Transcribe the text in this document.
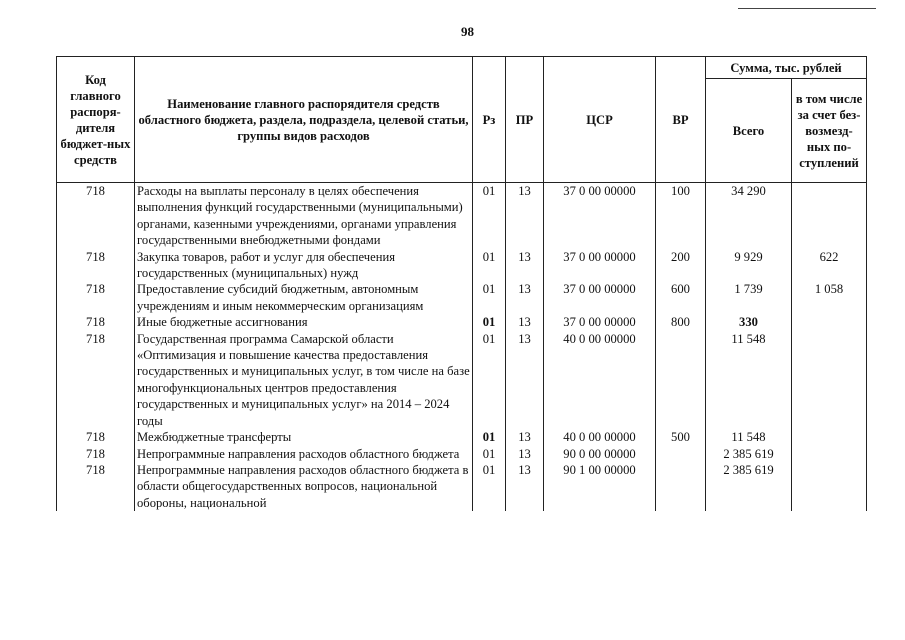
98
Код главного распоря-дителя бюджет-ных средств	Наименование главного распорядителя средств областного бюджета, раздела, подраздела, целевой статьи, группы видов расходов	Рз	ПР	ЦСР	ВР	Сумма, тыс. рублей	
						Всего	в том числе за счет без-возмезд-ных по-ступлений
718	Расходы на выплаты персоналу в целях обеспечения выполнения функций государственными (муниципальными) органами, казенными учреждениями, органами управления государственными внебюджетными фондами	01	13	37 0 00 00000	100	34 290	
718	Закупка товаров, работ и услуг для обеспечения государственных (муниципальных) нужд	01	13	37 0 00 00000	200	9 929	622
718	Предоставление субсидий бюджетным, автономным учреждениям и иным некоммерческим организациям	01	13	37 0 00 00000	600	1 739	1 058
718	Иные бюджетные ассигнования	01	13	37 0 00 00000	800	330	
718	Государственная программа Самарской области «Оптимизация и повышение качества предоставления государственных и муниципальных услуг, в том числе на базе многофункциональных центров предоставления государственных и муниципальных услуг» на 2014 – 2024 годы	01	13	40 0 00 00000		11 548	
718	Межбюджетные трансферты	01	13	40 0 00 00000	500	11 548	
718	Непрограммные направления расходов областного бюджета	01	13	90 0 00 00000		2 385 619	
718	Непрограммные направления расходов областного бюджета в области общегосударственных вопросов, национальной обороны, национальной	01	13	90 1 00 00000		2 385 619	
